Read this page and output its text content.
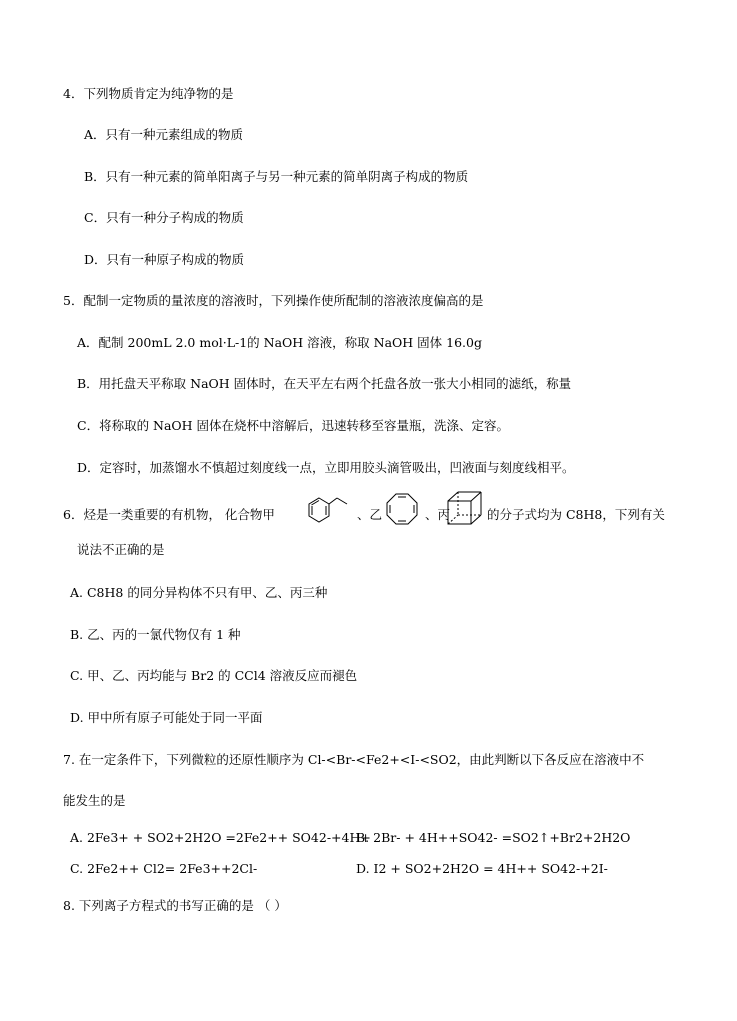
4．下列物质肯定为纯净物的是
A．只有一种元素组成的物质
B．只有一种元素的简单阳离子与另一种元素的简单阴离子构成的物质
C．只有一种分子构成的物质
D．只有一种原子构成的物质
5．配制一定物质的量浓度的溶液时，下列操作使所配制的溶液浓度偏高的是
A．配制 200mL 2.0 mol·L-1的 NaOH 溶液，称取 NaOH 固体 16.0g
B．用托盘天平称取 NaOH 固体时，在天平左右两个托盘各放一张大小相同的滤纸，称量
C．将称取的 NaOH 固体在烧杯中溶解后，迅速转移至容量瓶，洗涤、定容。
D．定容时，加蒸馏水不慎超过刻度线一点，立即用胶头滴管吸出，凹液面与刻度线相平。
6．烃是一类重要的有机物， 化合物甲	、乙	、丙	的分子式均为 C8H8，下列有关
说法不正确的是
A. C8H8 的同分异构体不只有甲、乙、丙三种
B. 乙、丙的一氯代物仅有 1 种
C. 甲、乙、丙均能与 Br2 的 CCl4 溶液反应而褪色
D. 甲中所有原子可能处于同一平面
7. 在一定条件下，下列微粒的还原性顺序为 Cl-<Br-<Fe2+<I-<SO2，由此判断以下各反应在溶液中不
能发生的是
A. 2Fe3+ + SO2+2H2O =2Fe2++ SO42-+4H+
B. 2Br- + 4H++SO42- =SO2↑+Br2+2H2O
C. 2Fe2++ Cl2= 2Fe3++2Cl-	D. I2 + SO2+2H2O = 4H++ SO42-+2I-
8. 下列离子方程式的书写正确的是 （ ）
